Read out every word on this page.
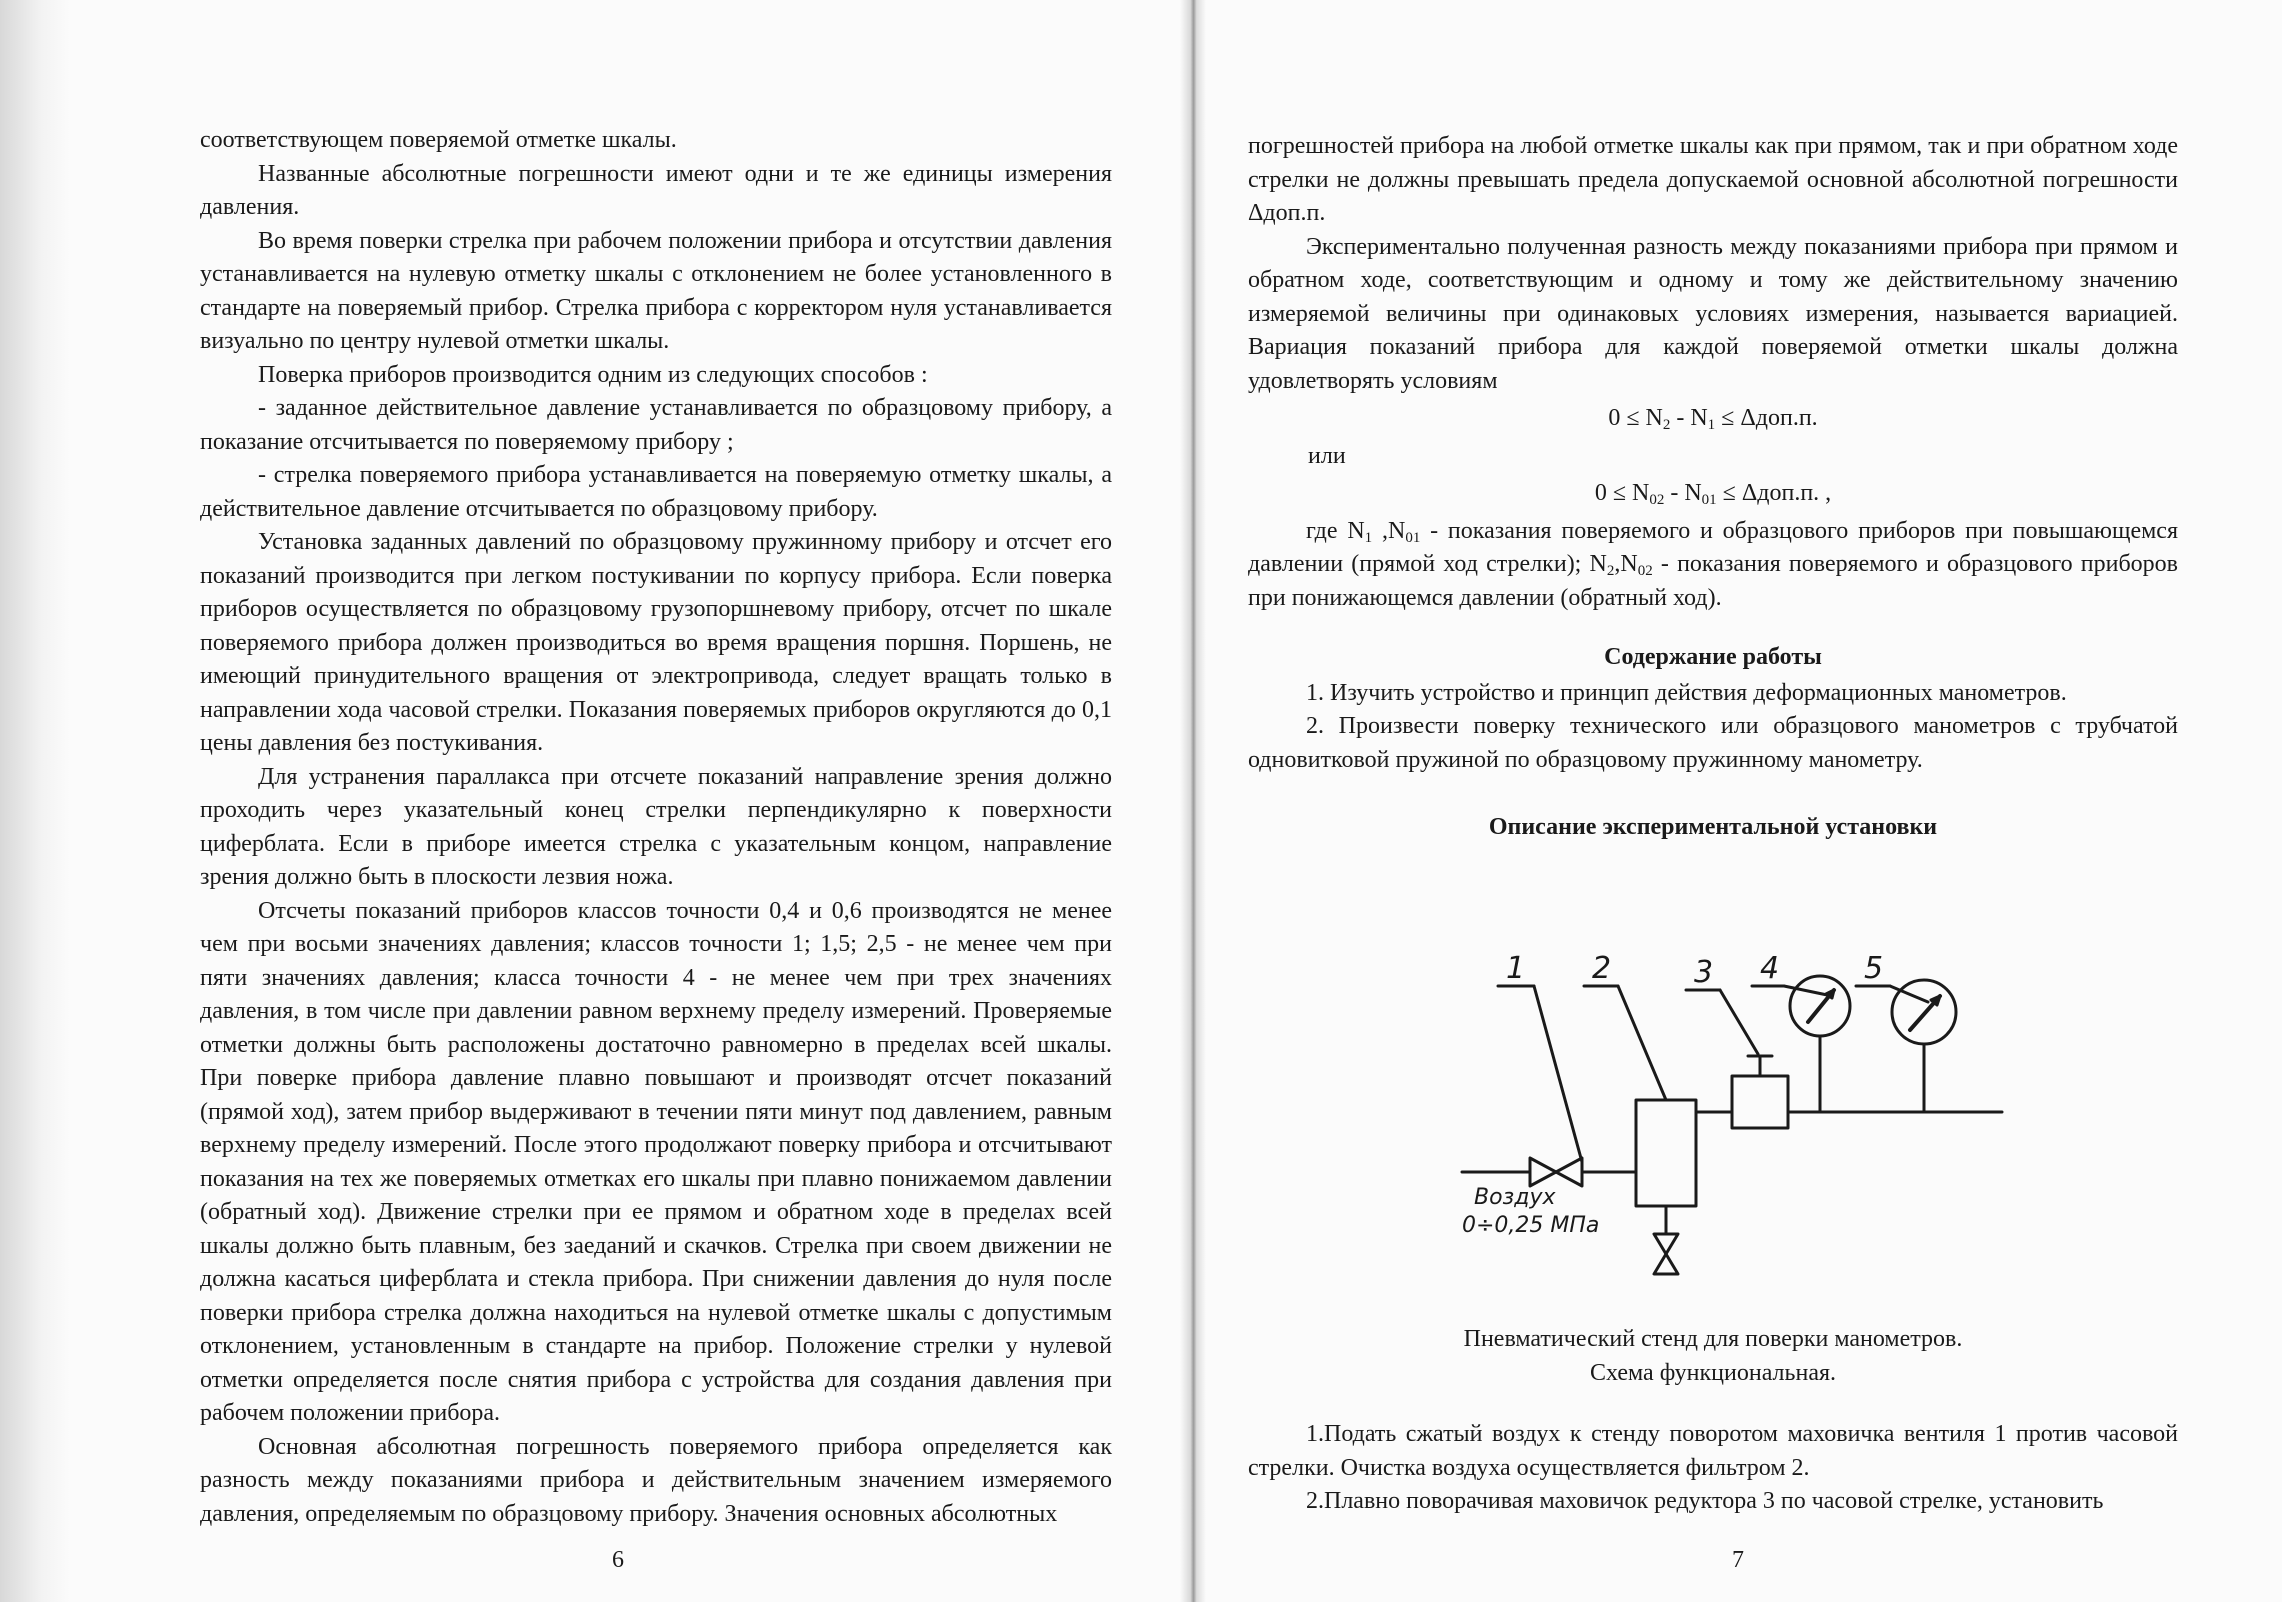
соответствующем поверяемой отметке шкалы.

Названные абсолютные погрешности имеют одни и те же единицы измерения давления.

Во время поверки стрелка при рабочем положении прибора и отсутствии давления устанавливается на нулевую отметку шкалы с отклонением не более установленного в стандарте на поверяемый прибор. Стрелка прибора с корректором нуля устанавливается визуально по цeнтру нулевой отметки шкалы.

Поверка приборов производится одним из следующих способов :

- заданное действительное давление устанавливается по образцовому прибору, а показание отсчитывается по поверяемому прибору ;

- стрелка поверяемого прибора устанавливается на поверяемую отметку шкалы, а действительное давление отсчитывается по образцовому прибору.

Установка заданных давлений по образцовому пружинному прибору и отсчет его показаний производится при легком постукивании по корпусу прибора. Если поверка приборов осуществляется по образцовому грузопоршневому прибору, отсчет по шкале поверяемого прибора должен производиться во время вращения поршня. Поршень, не имеющий принудительного вращения от электропривода, следует вращать только в направлении хода часовой стрелки. Показания поверяемых приборов округляются до 0,1 цены давления без постукивания.

Для устранения параллакса при отсчете показаний направление зрения должно проходить через указательный конец стрелки перпендикулярно к поверхности циферблата. Если в приборе имеется стрелка с указательным концом, направление зрения должно быть в плоскости лезвия ножа.

Отсчеты показаний приборов классов точности 0,4 и 0,6 производятся не менее чем при восьми значениях давления; классов точности 1; 1,5; 2,5 - не менее чем при пяти значениях давления; класса точности 4 - не менее чем при трех значениях давления, в том числе при давлении равном верхнему пределу измерений. Проверяемые отметки должны быть расположены достаточно равномерно в пределах всей шкалы. При поверке прибора давление плавно повышают и производят отсчет показаний (прямой ход), затем прибор выдерживают в течении пяти минут под давлением, равным верхнему пределу измерений. После этого продолжают поверку прибора и отсчитывают показания на тех же поверяемых отметках его шкалы при плавно понижаемом давлении (обратный ход). Движение стрелки при ее прямом и обратном ходе в пределах всей шкалы должно быть плавным, без заеданий и скачков. Стрелка при своем движении не должна касаться циферблата и стекла прибора. При снижении давления до нуля после поверки прибора стрелка должна находиться на нулевой отметке шкалы с допустимым отклонением, установленным в стандарте на прибор. Положение стрелки у нулевой отметки определяется после снятия прибора с устройства для создания давления при рабочем положении прибора.

Основная абсолютная погрешность поверяемого прибора определяется как разность между показаниями прибора и действительным значением измеряемого давления, определяемым по образцовому прибору. Значения основных абсолютных

6

погрешностей прибора на любой отметке шкалы как при прямом, так и при обратном ходе стрелки не должны превышать предела допускаемой основной абсолютной погрешности Δдоп.п.

Экспериментально полученная разность между показаниями прибора при прямом и обратном ходе, соответствующим и одному и тому же действительному значению измеряемой величины при одинаковых условиях измерения, называется вариацией. Вариация показаний прибора для каждой поверяемой отметки шкалы должна удовлетворять условиям

$0 \le N_2 - N_1 \le \Delta доп.п$.

или

$0 \le N_{02} - N_{01} \le \Delta доп.п$. ,

где $N_1$ $,N_{01}$ - показания поверяемого и образцового приборов при повышающемся давлении (прямой ход стрелки); $N_2,N_{02}$ - показания поверяемого и образцового приборов при понижающемся давлении (обратный ход).

Содержание работы

1. Изучить устройство и принцип действия деформационных манометров.

2. Произвести поверку технического или образцового манометров с трубчатой одновитковой пружиной по образцовому пружинному манометру.

Описание экспериментальной установки
1 2	3 4	5
Воздух
0÷0,25 МПа
Пневматический стенд для поверки манометров.
Схема функциональная.

1.Подать сжатый воздух к стенду поворотом маховичка вентиля 1 против часовой стрелки. Очистка воздуха осуществляется фильтром 2.

2.Плавно поворачивая маховичок редуктора 3 по часовой стрелке, установить

7
